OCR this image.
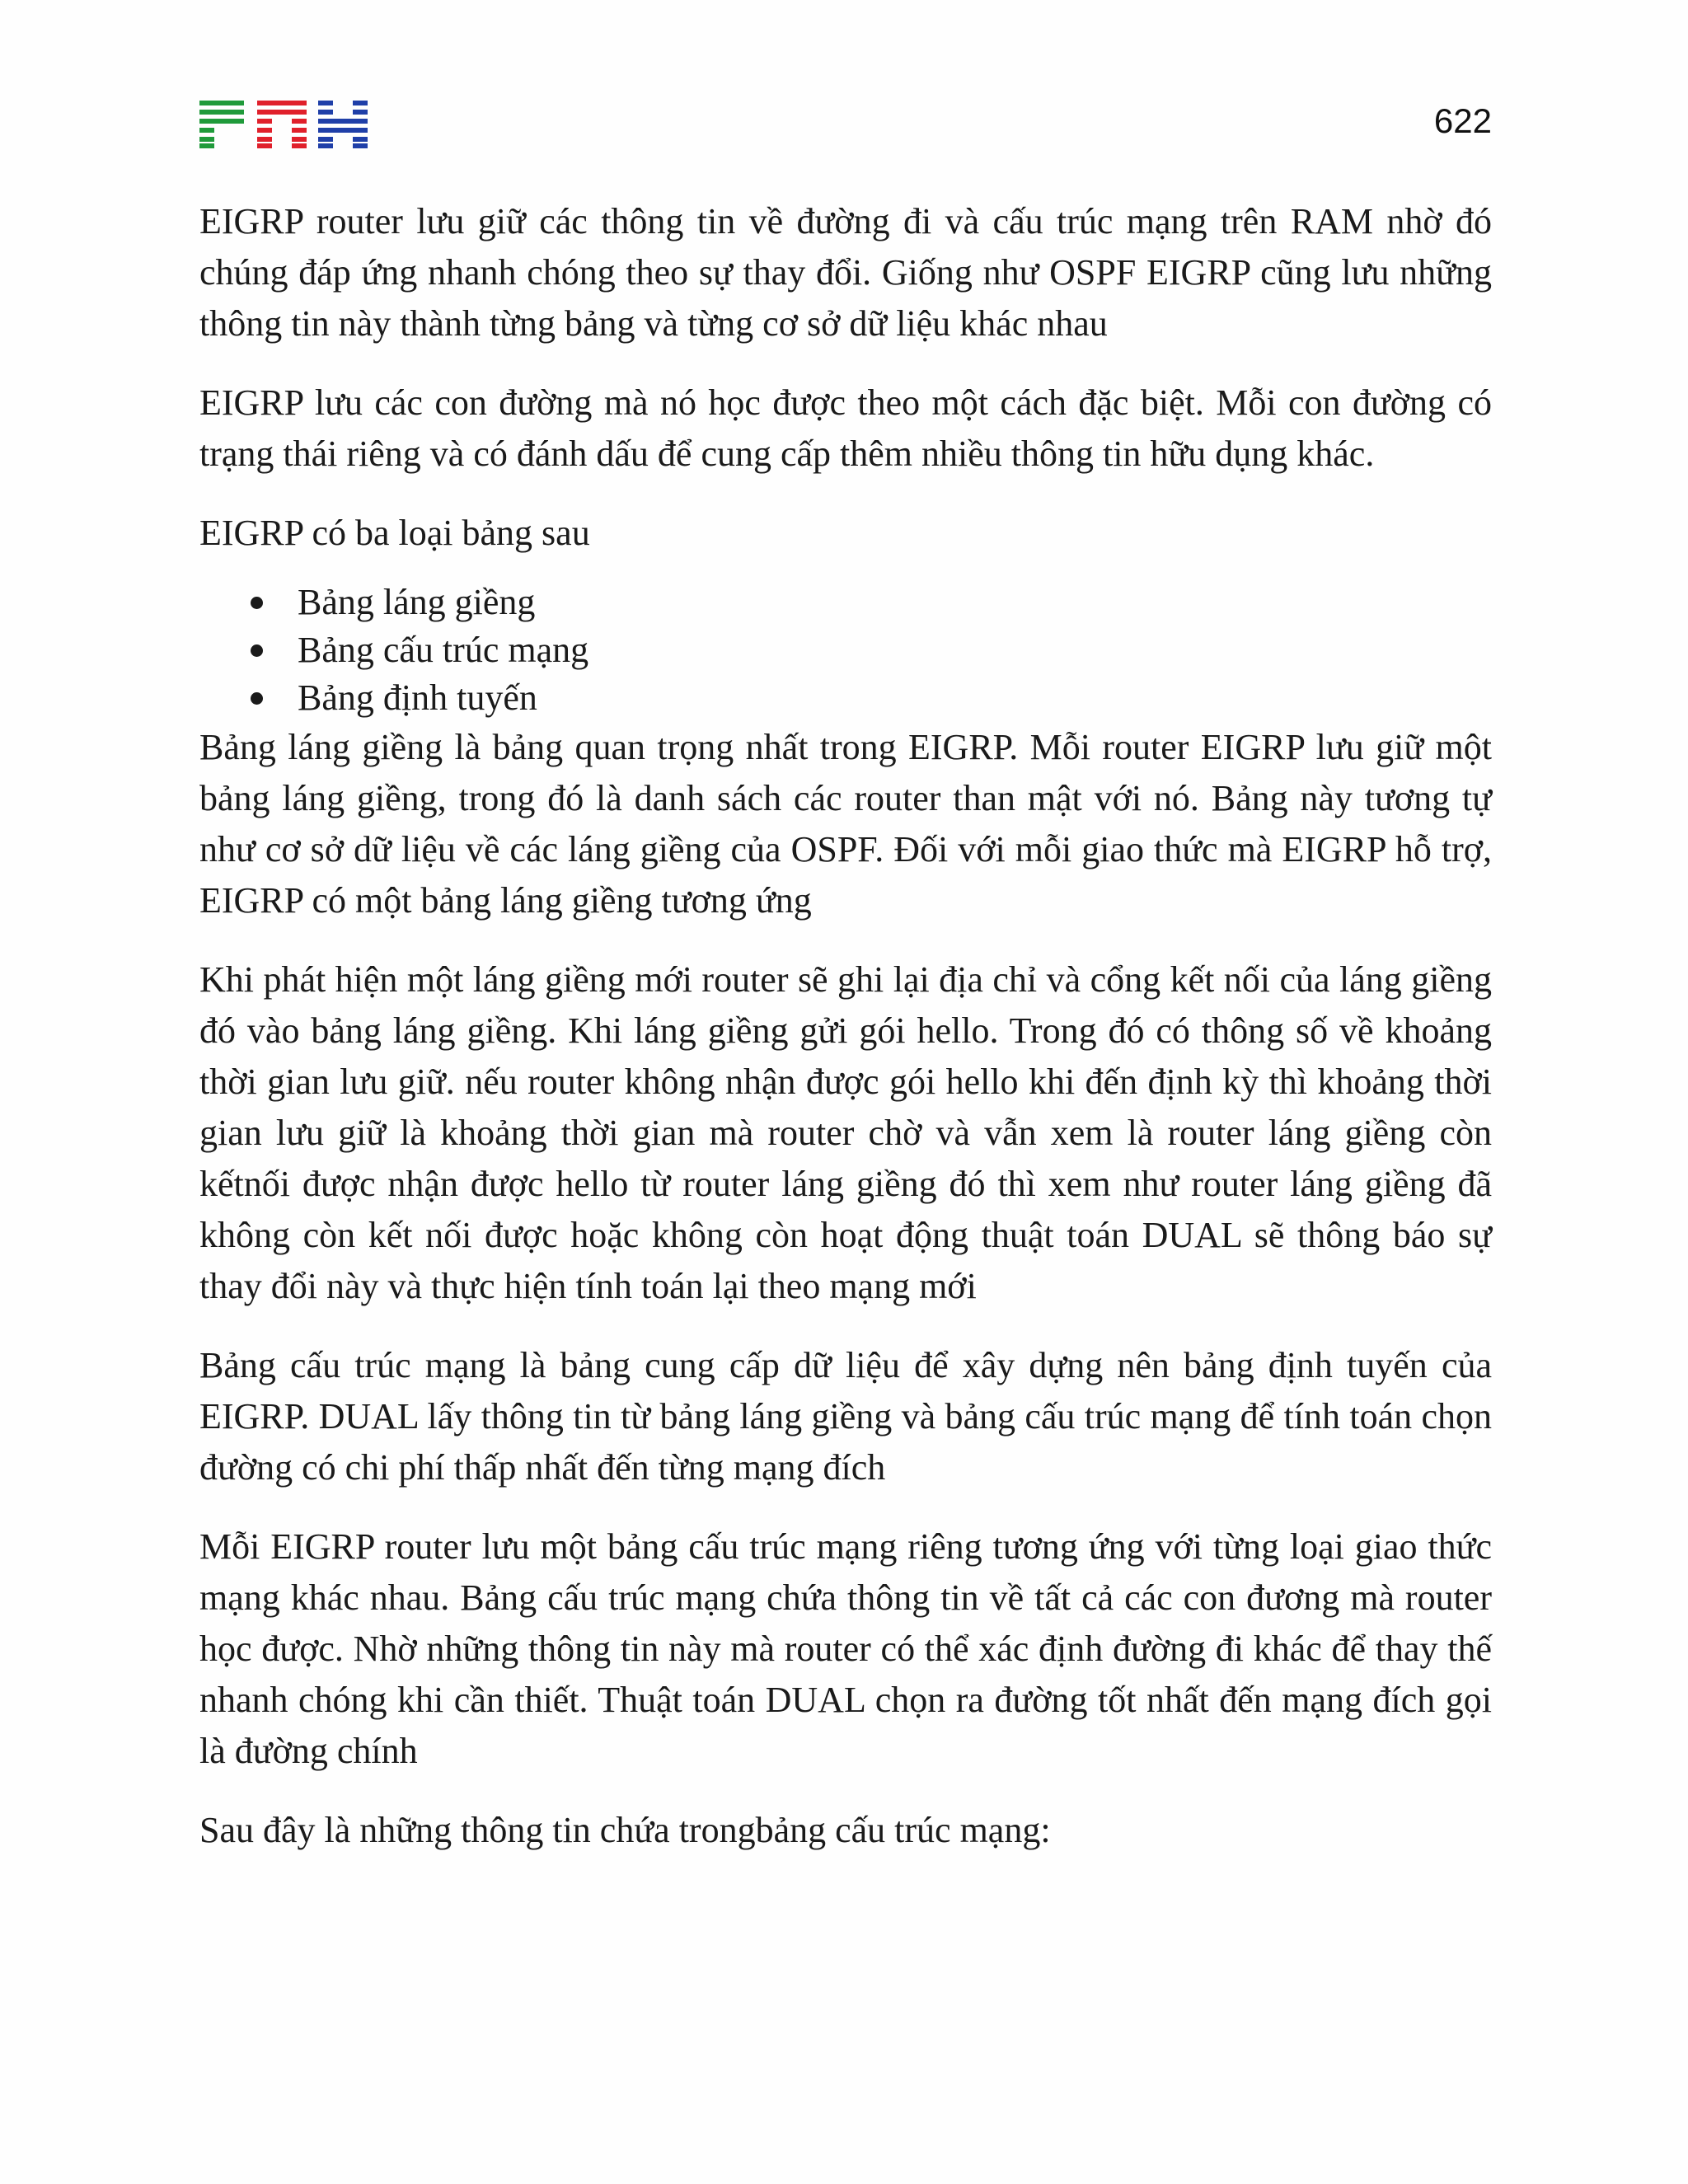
622

EIGRP router lưu giữ các thông tin về đường đi và cấu trúc mạng trên RAM nhờ đó chúng đáp ứng nhanh chóng theo sự thay đổi. Giống như OSPF EIGRP cũng lưu những thông tin này thành từng bảng và từng cơ sở dữ liệu khác nhau

EIGRP lưu các con đường mà nó học được theo một cách đặc biệt. Mỗi con đường có trạng thái riêng và có đánh dấu để cung cấp thêm nhiều thông tin hữu dụng khác.

EIGRP có ba loại bảng sau

Bảng láng giềng
Bảng cấu trúc mạng
Bảng định tuyến

Bảng láng giềng là bảng quan trọng nhất trong EIGRP. Mỗi router EIGRP lưu giữ một bảng láng giềng, trong đó là danh sách các router than mật với nó. Bảng này tương tự như cơ sở dữ liệu về các láng giềng của OSPF. Đối với mỗi giao thức mà EIGRP hỗ trợ, EIGRP có một bảng láng giềng tương ứng

Khi phát hiện một láng giềng mới router sẽ ghi lại địa chỉ và cổng kết nối của láng giềng đó vào bảng láng giềng. Khi láng giềng gửi gói hello. Trong đó có thông số về khoảng thời gian lưu giữ. nếu router không nhận được gói hello khi đến định kỳ thì khoảng thời gian lưu giữ là khoảng thời gian mà router chờ và vẫn xem là router láng giềng còn kếtnối được nhận được hello từ router láng giềng đó thì xem như router láng giềng đã không còn kết nối được hoặc không còn hoạt động thuật toán DUAL sẽ thông báo sự thay đổi này và thực hiện tính toán lại theo mạng mới

Bảng cấu trúc mạng là bảng cung cấp dữ liệu để xây dựng nên bảng định tuyến của EIGRP. DUAL lấy thông tin từ bảng láng giềng và bảng cấu trúc mạng để tính toán chọn đường có chi phí thấp nhất đến từng mạng đích

Mỗi EIGRP router lưu một bảng cấu trúc mạng riêng tương ứng với từng loại giao thức mạng khác nhau. Bảng cấu trúc mạng chứa thông tin về tất cả các con đương mà router học được. Nhờ những thông tin này mà router có thể xác định đường đi khác để thay thế nhanh chóng khi cần thiết. Thuật toán DUAL chọn ra đường tốt nhất đến mạng đích gọi là đường chính

Sau đây là những thông tin chứa trongbảng cấu trúc mạng:
